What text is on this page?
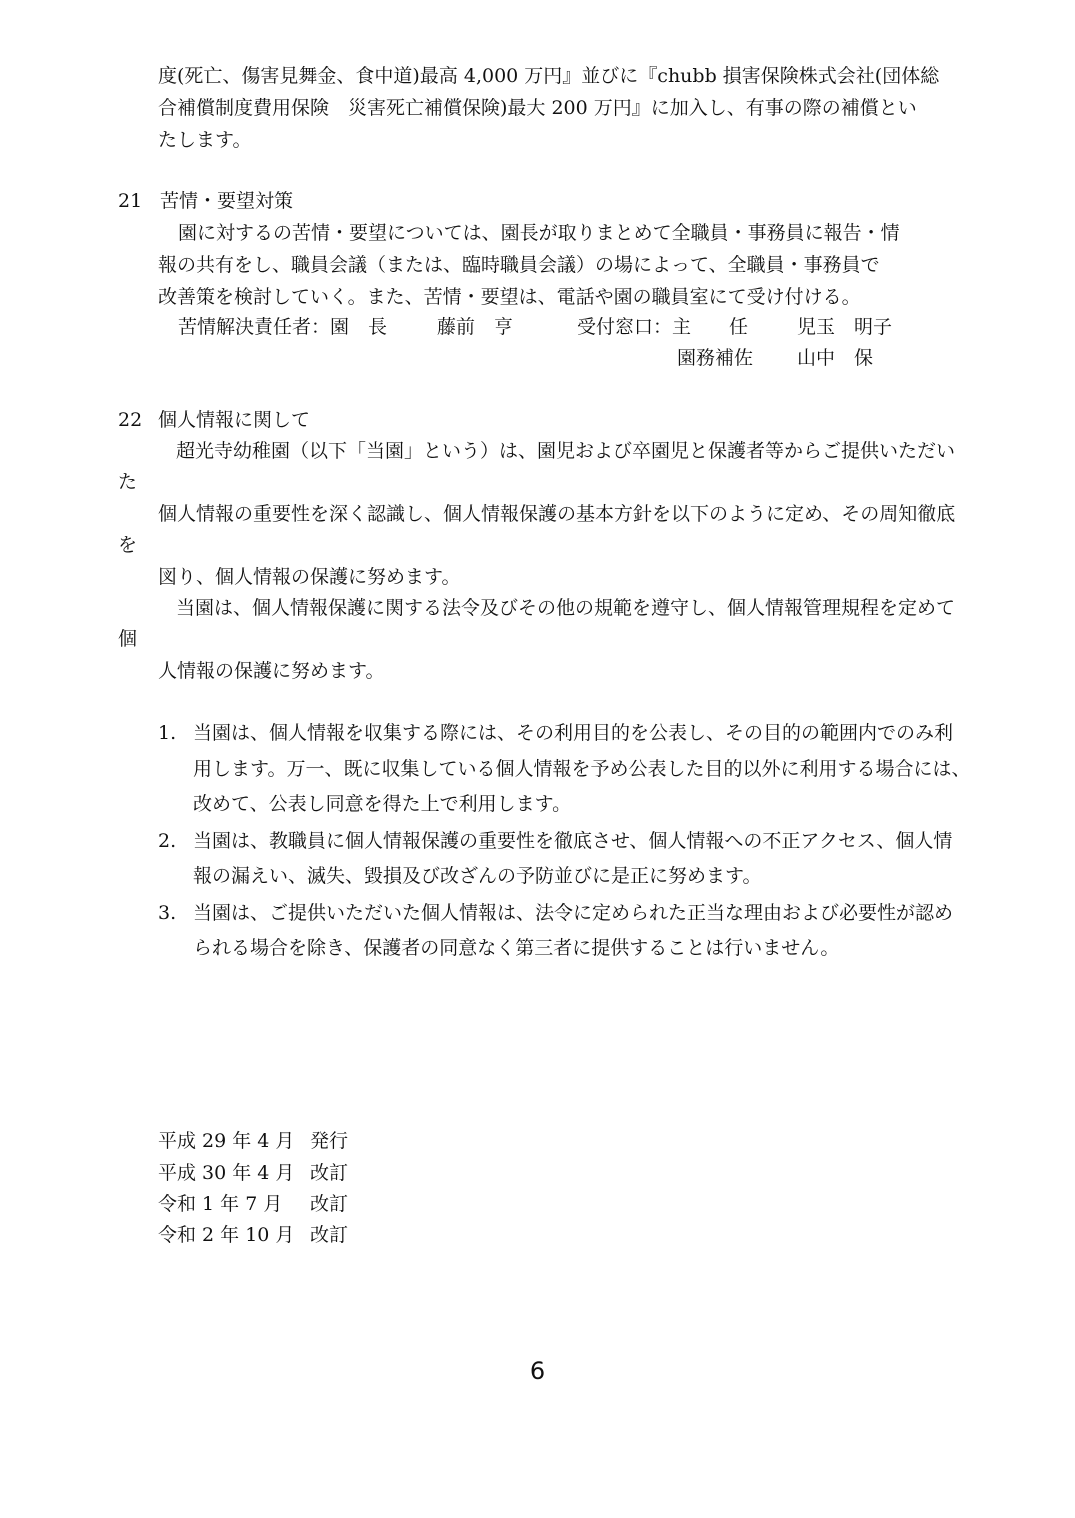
度(死亡、傷害見舞金、食中道)最高 4,000 万円』並びに『chubb 損害保険株式会社(団体総
合補償制度費用保険　災害死亡補償保険)最大 200 万円』に加入し、有事の際の補償とい
たします。
21 苦情・要望対策
園に対するの苦情・要望については、園長が取りまとめて全職員・事務員に報告・情
報の共有をし、職員会議（または、臨時職員会議）の場によって、全職員・事務員で
改善策を検討していく。また、苦情・要望は、電話や園の職員室にて受け付ける。
苦情解決責任者：園　長	藤前　亨	受付窓口：主　　任	児玉　明子
園務補佐 山中　保
22 個人情報に関して
超光寺幼稚園（以下「当園」という）は、園児および卒園児と保護者等からご提供いただい
た
個人情報の重要性を深く認識し、個人情報保護の基本方針を以下のように定め、その周知徹底
を
図り、個人情報の保護に努めます。
当園は、個人情報保護に関する法令及びその他の規範を遵守し、個人情報管理規程を定めて
個
人情報の保護に努めます。
1. 当園は、個人情報を収集する際には、その利用目的を公表し、その目的の範囲内でのみ利
用します。万一、既に収集している個人情報を予め公表した目的以外に利用する場合には、
改めて、公表し同意を得た上で利用します。
2. 当園は、教職員に個人情報保護の重要性を徹底させ、個人情報への不正アクセス、個人情
報の漏えい、滅失、毀損及び改ざんの予防並びに是正に努めます。
3. 当園は、ご提供いただいた個人情報は、法令に定められた正当な理由および必要性が認め
られる場合を除き、保護者の同意なく第三者に提供することは行いません。
平成 29 年 4 月 発行
平成 30 年 4 月 改訂
令和 1 年 7 月 改訂
令和 2 年 10 月 改訂
6
